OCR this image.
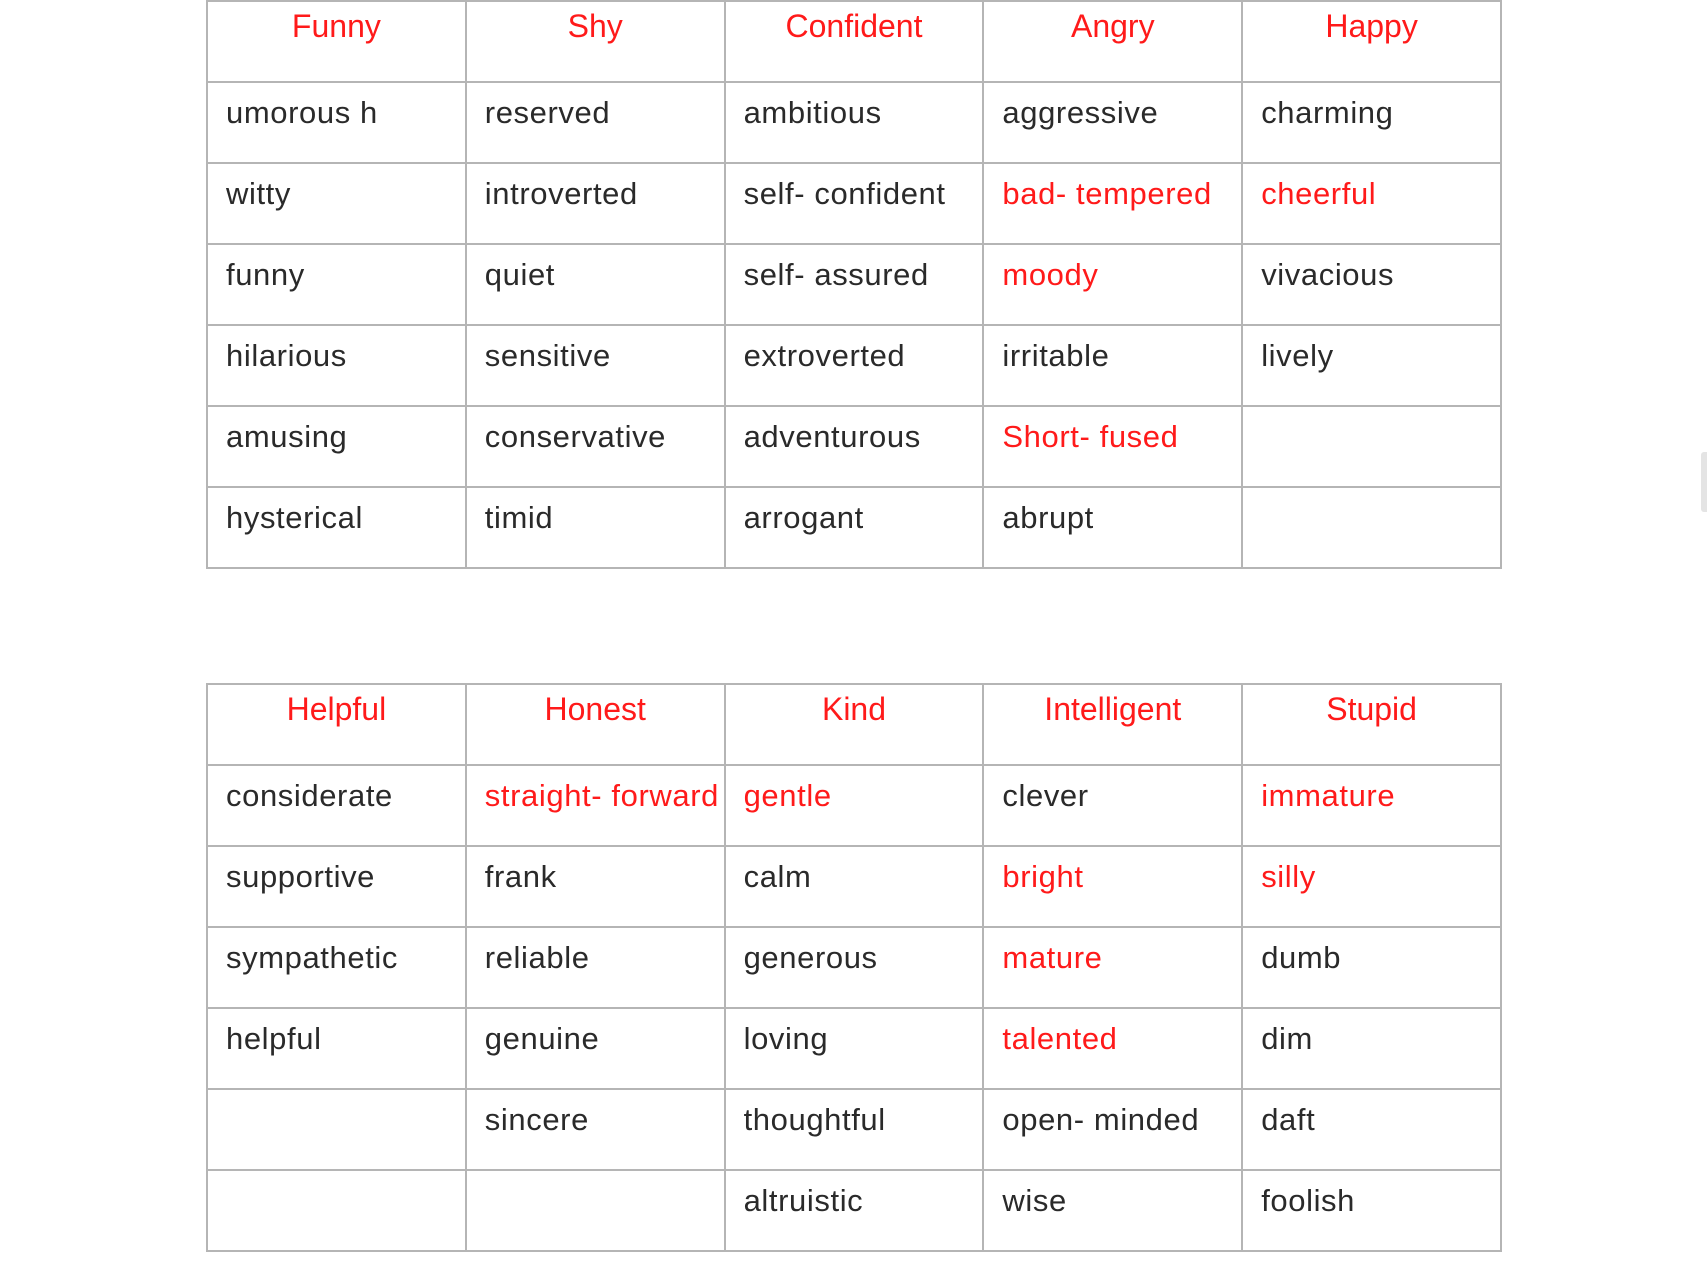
Funny	Shy	Confident	Angry	Happy
umorous h	reserved	ambitious	aggressive	charming
witty	introverted	self- confident	bad- tempered	cheerful
funny	quiet	self- assured	moody	vivacious
hilarious	sensitive	extroverted	irritable	lively
amusing	conservative	adventurous	Short- fused	
hysterical	timid	arrogant	abrupt	
Helpful	Honest	Kind	Intelligent	Stupid
considerate	straight- forward	gentle	clever	immature
supportive	frank	calm	bright	silly
sympathetic	reliable	generous	mature	dumb
helpful	genuine	loving	talented	dim
	sincere	thoughtful	open- minded	daft
		altruistic	wise	foolish
